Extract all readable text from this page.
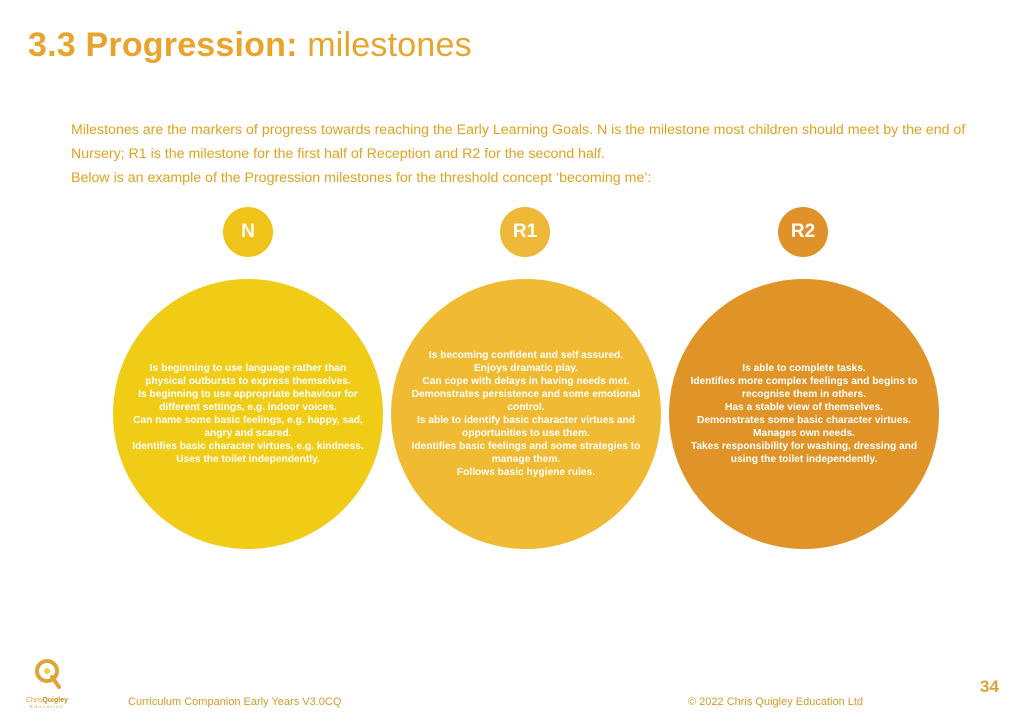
3.3 Progression: milestones

Milestones are the markers of progress towards reaching the Early Learning Goals. N is the milestone most children should meet by the end of Nursery; R1 is the milestone for the first half of Reception and R2 for the second half.

Below is an example of the Progression milestones for the threshold concept ‘becoming me’:

N
Is beginning to use language rather than physical outbursts to express themselves.
Is beginning to use appropriate behaviour for different settings, e.g. indoor voices.
Can name some basic feelings, e.g. happy, sad, angry and scared.
Identifies basic character virtues, e.g. kindness.
Uses the toilet independently.
R1
Is becoming confident and self assured.
Enjoys dramatic play.
Can cope with delays in having needs met.
Demonstrates persistence and some emotional control.
Is able to identify basic character virtues and opportunities to use them.
Identifies basic feelings and some strategies to manage them.
Follows basic hygiene rules.
R2
Is able to complete tasks.
Identifies more complex feelings and begins to recognise them in others.
Has a stable view of themselves.
Demonstrates some basic character virtues.
Manages own needs.
Takes responsibility for washing, dressing and using the toilet independently.
ChrisQuigley
Education	Curriculum Companion Early Years V3.0CQ	© 2022 Chris Quigley Education Ltd
34
